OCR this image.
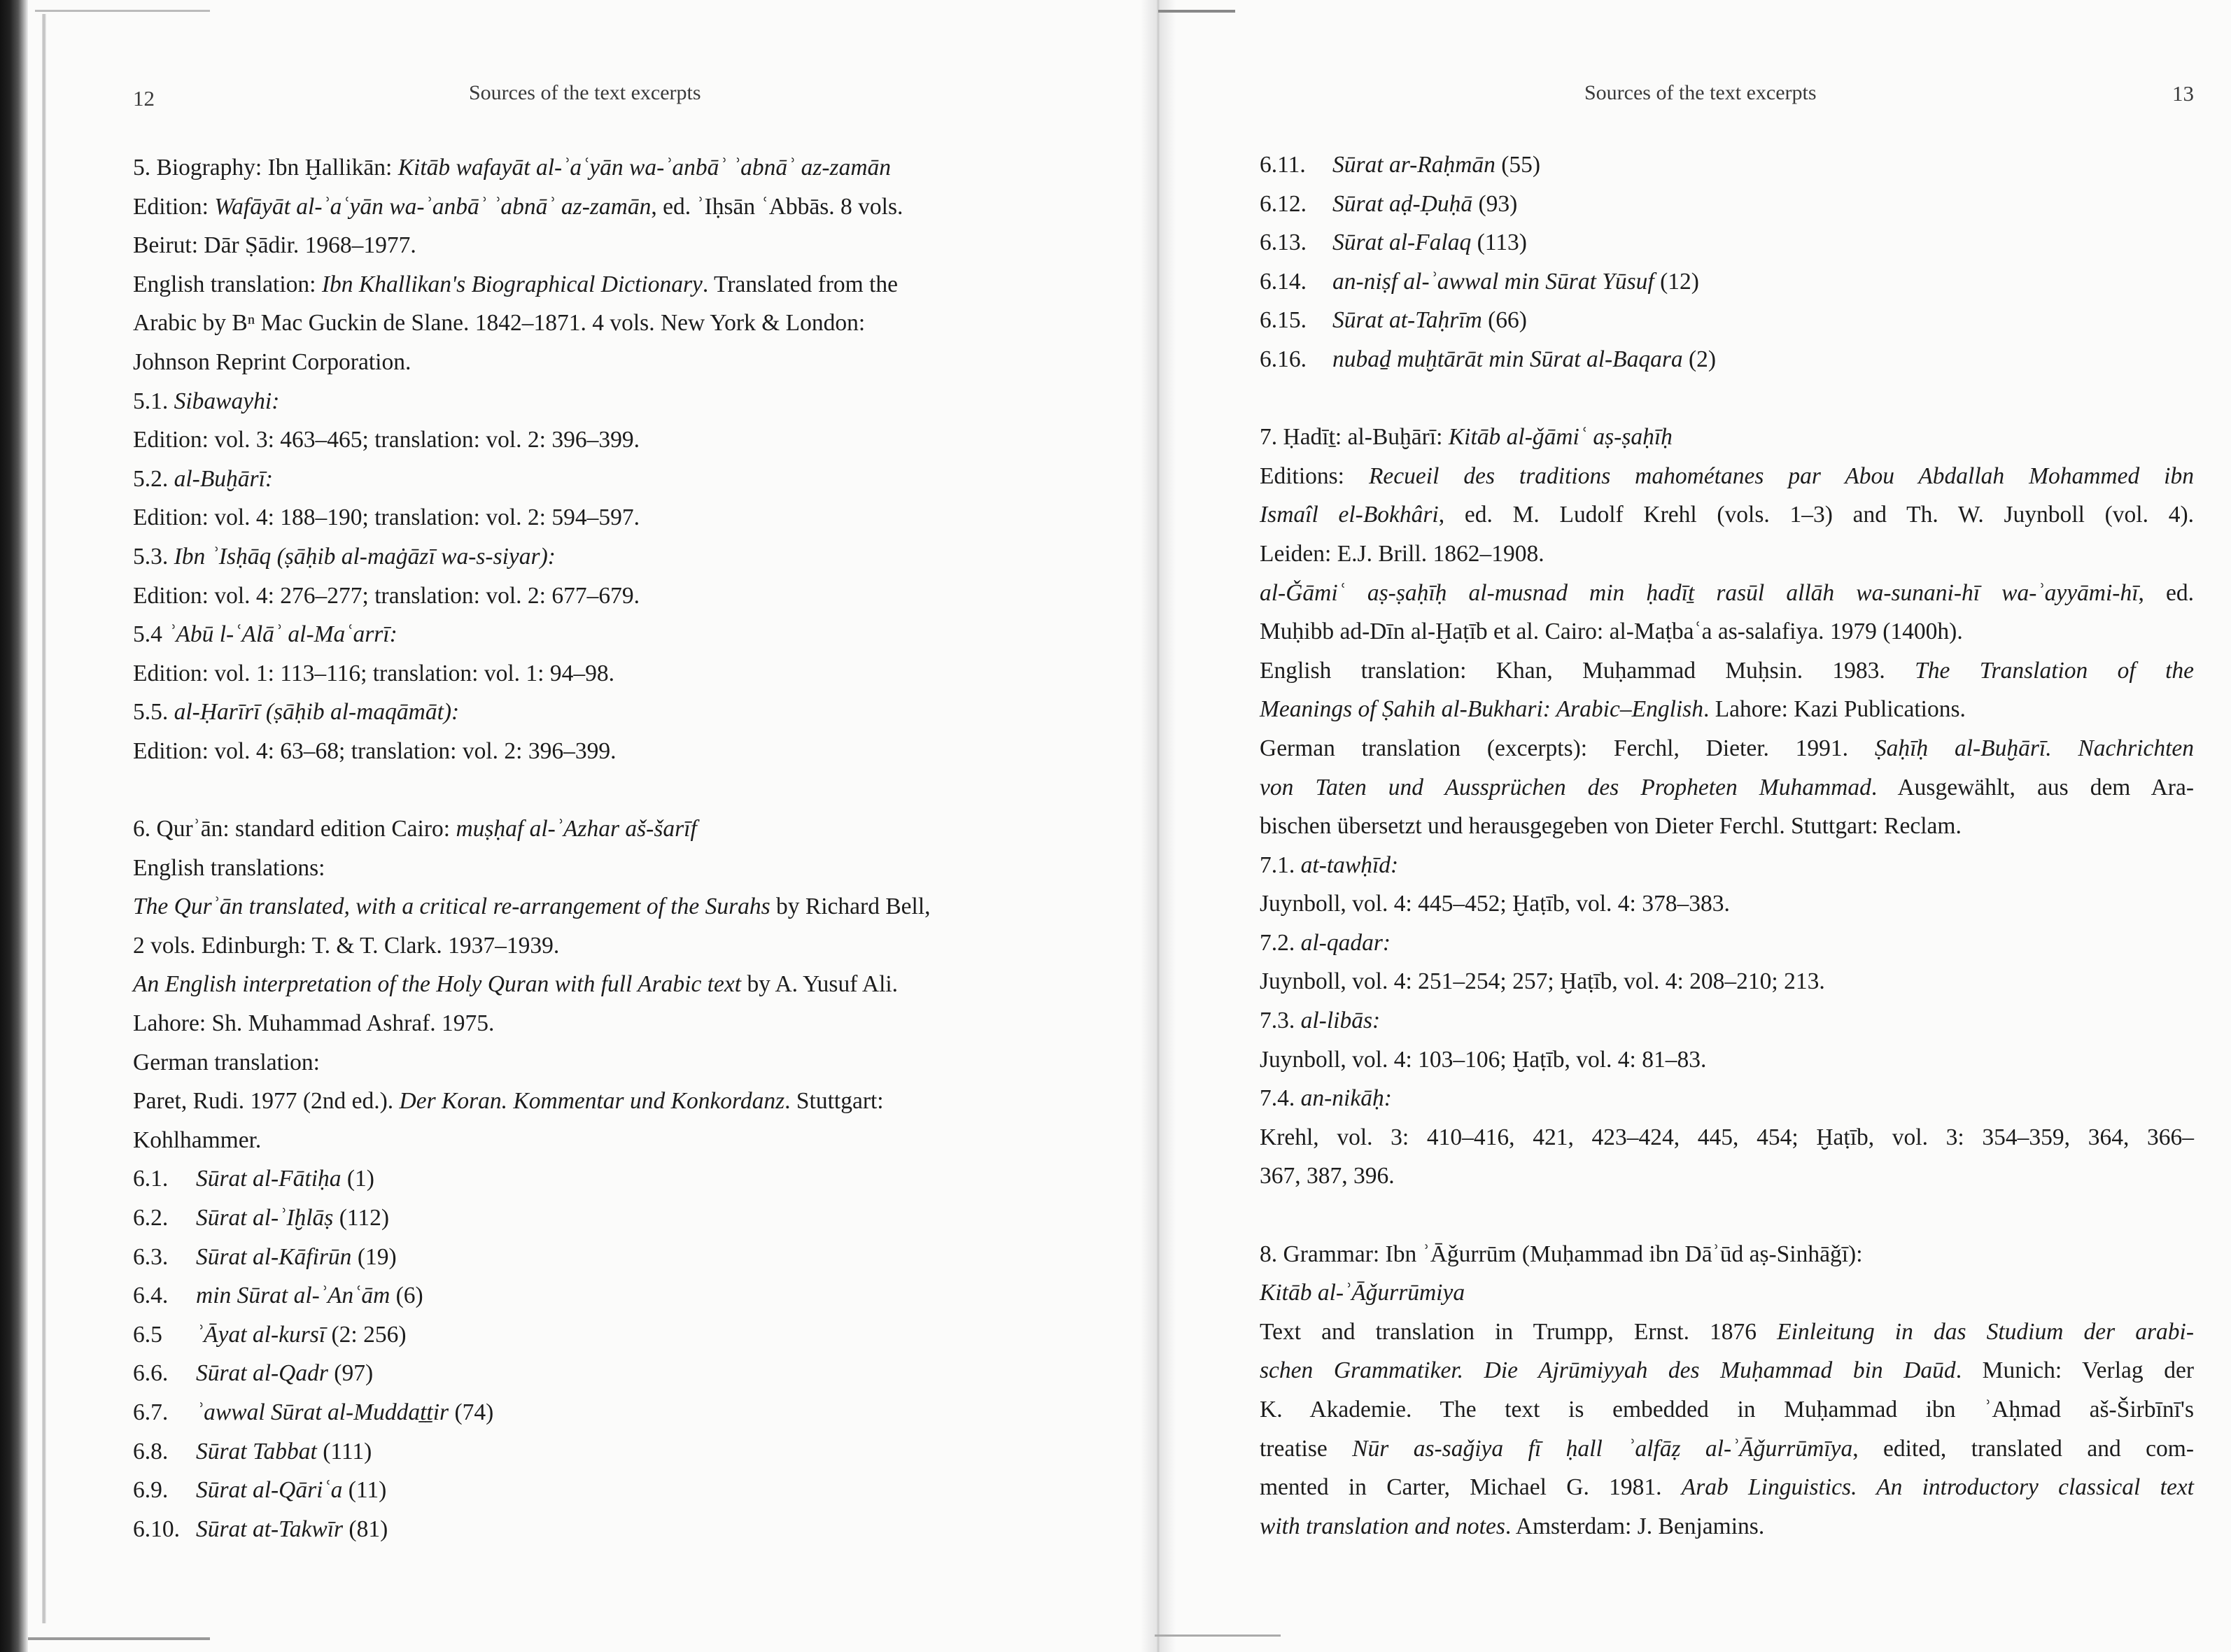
12	Sources of the text excerpts
5. Biography: Ibn Ḫallikān: Kitāb wafayāt al-ʾaʿyān wa-ʾanbāʾ ʾabnāʾ az-zamān
Edition: Wafāyāt al-ʾaʿyān wa-ʾanbāʾ ʾabnāʾ az-zamān, ed. ʾIḥsān ʿAbbās. 8 vols.
Beirut: Dār Ṣādir. 1968–1977.
English translation: Ibn Khallikan's Biographical Dictionary. Translated from the
Arabic by Bⁿ Mac Guckin de Slane. 1842–1871. 4 vols. New York & London:
Johnson Reprint Corporation.
5.1. Sibawayhi:
Edition: vol. 3: 463–465; translation: vol. 2: 396–399.
5.2. al-Buḫārī:
Edition: vol. 4: 188–190; translation: vol. 2: 594–597.
5.3. Ibn ʾIsḥāq (ṣāḥib al-maġāzī wa-s-siyar):
Edition: vol. 4: 276–277; translation: vol. 2: 677–679.
5.4 ʾAbū l-ʿAlāʾ al-Maʿarrī:
Edition: vol. 1: 113–116; translation: vol. 1: 94–98.
5.5. al-Ḥarīrī (ṣāḥib al-maqāmāt):
Edition: vol. 4: 63–68; translation: vol. 2: 396–399.
6. Qurʾān: standard edition Cairo: muṣḥaf al-ʾAzhar aš-šarīf
English translations:
The Qurʾān translated, with a critical re-arrangement of the Surahs by Richard Bell,
2 vols. Edinburgh: T. & T. Clark. 1937–1939.
An English interpretation of the Holy Quran with full Arabic text by A. Yusuf Ali.
Lahore: Sh. Muhammad Ashraf. 1975.
German translation:
Paret, Rudi. 1977 (2nd ed.). Der Koran. Kommentar und Konkordanz. Stuttgart:
Kohlhammer.
6.1. Sūrat al-Fātiḥa (1)
6.2. Sūrat al-ʾIḫlāṣ (112)
6.3. Sūrat al-Kāfirūn (19)
6.4. min Sūrat al-ʾAnʿām (6)
6.5 ʾĀyat al-kursī (2: 256)
6.6. Sūrat al-Qadr (97)
6.7. ʾawwal Sūrat al-Muddaṯṯir (74)
6.8. Sūrat Tabbat (111)
6.9. Sūrat al-Qāriʿa (11)
6.10. Sūrat at-Takwīr (81)
Sources of the text excerpts	13
6.11. Sūrat ar-Raḥmān (55)
6.12. Sūrat aḍ-Ḍuḥā (93)
6.13. Sūrat al-Falaq (113)
6.14. an-niṣf al-ʾawwal min Sūrat Yūsuf (12)
6.15. Sūrat at-Taḥrīm (66)
6.16. nubaḏ muḫtārāt min Sūrat al-Baqara (2)
7. Ḥadīṯ: al-Buḫārī: Kitāb al-ǧāmiʿ aṣ-ṣaḥīḥ
Editions: Recueil des traditions mahométanes par Abou Abdallah Mohammed ibn
Ismaîl el-Bokhâri, ed. M. Ludolf Krehl (vols. 1–3) and Th. W. Juynboll (vol. 4).
Leiden: E.J. Brill. 1862–1908.
al-Ǧāmiʿ aṣ-ṣaḥīḥ al-musnad min ḥadīṯ rasūl allāh wa-sunani-hī wa-ʾayyāmi-hī, ed.
Muḥibb ad-Dīn al-Ḫaṭīb et al. Cairo: al-Maṭbaʿa as-salafiya. 1979 (1400h).
English translation: Khan, Muḥammad Muḥsin. 1983. The Translation of the
Meanings of Ṣahih al-Bukhari: Arabic–English. Lahore: Kazi Publications.
German translation (excerpts): Ferchl, Dieter. 1991. Ṣaḥīḥ al-Buḫārī. Nachrichten
von Taten und Aussprüchen des Propheten Muhammad. Ausgewählt, aus dem Ara-
bischen übersetzt und herausgegeben von Dieter Ferchl. Stuttgart: Reclam.
7.1. at-tawḥīd:
Juynboll, vol. 4: 445–452; Ḫaṭīb, vol. 4: 378–383.
7.2. al-qadar:
Juynboll, vol. 4: 251–254; 257; Ḫaṭīb, vol. 4: 208–210; 213.
7.3. al-libās:
Juynboll, vol. 4: 103–106; Ḫaṭīb, vol. 4: 81–83.
7.4. an-nikāḥ:
Krehl, vol. 3: 410–416, 421, 423–424, 445, 454; Ḫaṭīb, vol. 3: 354–359, 364, 366–
367, 387, 396.
8. Grammar: Ibn ʾĀǧurrūm (Muḥammad ibn Dāʾūd aṣ-Sinhāǧī):
Kitāb al-ʾĀǧurrūmiya
Text and translation in Trumpp, Ernst. 1876 Einleitung in das Studium der arabi-
schen Grammatiker. Die Ajrūmiyyah des Muḥammad bin Daūd. Munich: Verlag der
K. Akademie. The text is embedded in Muḥammad ibn ʾAḥmad aš-Širbīnī's
treatise Nūr as-saǧiya fī ḥall ʾalfāẓ al-ʾĀǧurrūmīya, edited, translated and com-
mented in Carter, Michael G. 1981. Arab Linguistics. An introductory classical text
with translation and notes. Amsterdam: J. Benjamins.
